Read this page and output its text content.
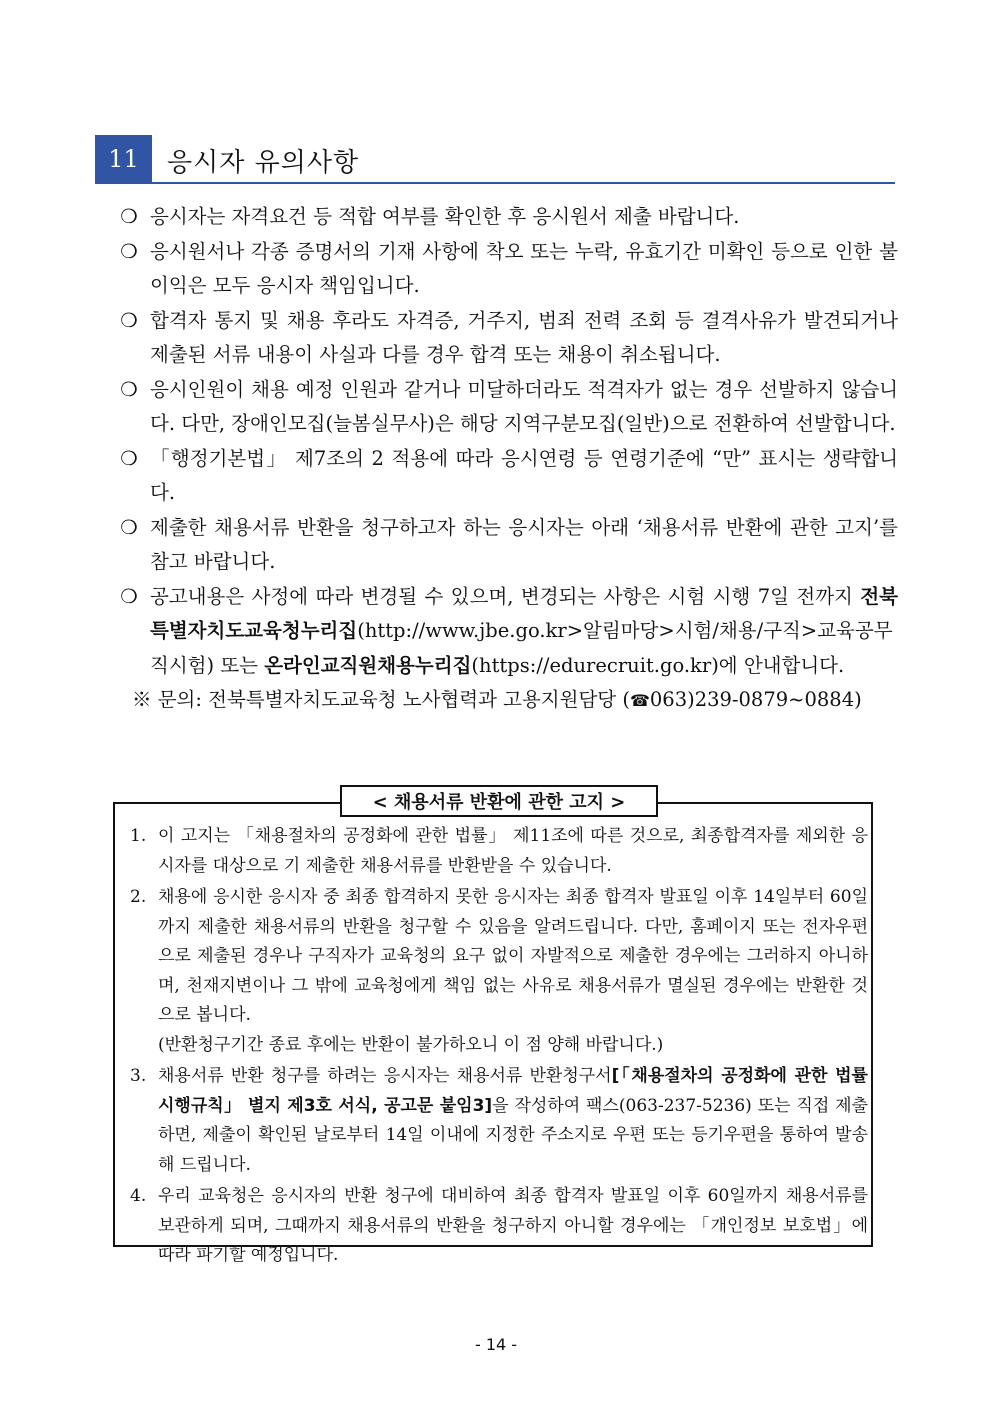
11	응시자 유의사항

❍ 응시자는 자격요건 등 적합 여부를 확인한 후 응시원서 제출 바랍니다.

❍ 응시원서나 각종 증명서의 기재 사항에 착오 또는 누락, 유효기간 미확인 등으로 인한 불이익은 모두 응시자 책임입니다.

❍ 합격자 통지 및 채용 후라도 자격증, 거주지, 범죄 전력 조회 등 결격사유가 발견되거나 제출된 서류 내용이 사실과 다를 경우 합격 또는 채용이 취소됩니다.

❍ 응시인원이 채용 예정 인원과 같거나 미달하더라도 적격자가 없는 경우 선발하지 않습니다. 다만, 장애인모집(늘봄실무사)은 해당 지역구분모집(일반)으로 전환하여 선발합니다.

❍ 「행정기본법」 제7조의 2 적용에 따라 응시연령 등 연령기준에 “만” 표시는 생략합니다.

❍ 제출한 채용서류 반환을 청구하고자 하는 응시자는 아래 ‘채용서류 반환에 관한 고지’를 참고 바랍니다.

❍ 공고내용은 사정에 따라 변경될 수 있으며, 변경되는 사항은 시험 시행 7일 전까지 전북특별자치도교육청누리집(http://www.jbe.go.kr>알림마당>시험/채용/구직>교육공무직시험) 또는 온라인교직원채용누리집(https://edurecruit.go.kr)에 안내합니다.

※ 문의: 전북특별자치도교육청 노사협력과 고용지원담당 (☎063)239-0879~0884)

< 채용서류 반환에 관한 고지 >

1. 이 고지는 「채용절차의 공정화에 관한 법률」 제11조에 따른 것으로, 최종합격자를 제외한 응시자를 대상으로 기 제출한 채용서류를 반환받을 수 있습니다.

2. 채용에 응시한 응시자 중 최종 합격하지 못한 응시자는 최종 합격자 발표일 이후 14일부터 60일까지 제출한 채용서류의 반환을 청구할 수 있음을 알려드립니다. 다만, 홈페이지 또는 전자우편으로 제출된 경우나 구직자가 교육청의 요구 없이 자발적으로 제출한 경우에는 그러하지 아니하며, 천재지변이나 그 밖에 교육청에게 책임 없는 사유로 채용서류가 멸실된 경우에는 반환한 것으로 봅니다.
(반환청구기간 종료 후에는 반환이 불가하오니 이 점 양해 바랍니다.)

3. 채용서류 반환 청구를 하려는 응시자는 채용서류 반환청구서[「채용절차의 공정화에 관한 법률 시행규칙」 별지 제3호 서식, 공고문 붙임3]을 작성하여 팩스(063-237-5236) 또는 직접 제출하면, 제출이 확인된 날로부터 14일 이내에 지정한 주소지로 우편 또는 등기우편을 통하여 발송해 드립니다.

4. 우리 교육청은 응시자의 반환 청구에 대비하여 최종 합격자 발표일 이후 60일까지 채용서류를 보관하게 되며, 그때까지 채용서류의 반환을 청구하지 아니할 경우에는 「개인정보 보호법」에 따라 파기할 예정입니다.

- 14 -
